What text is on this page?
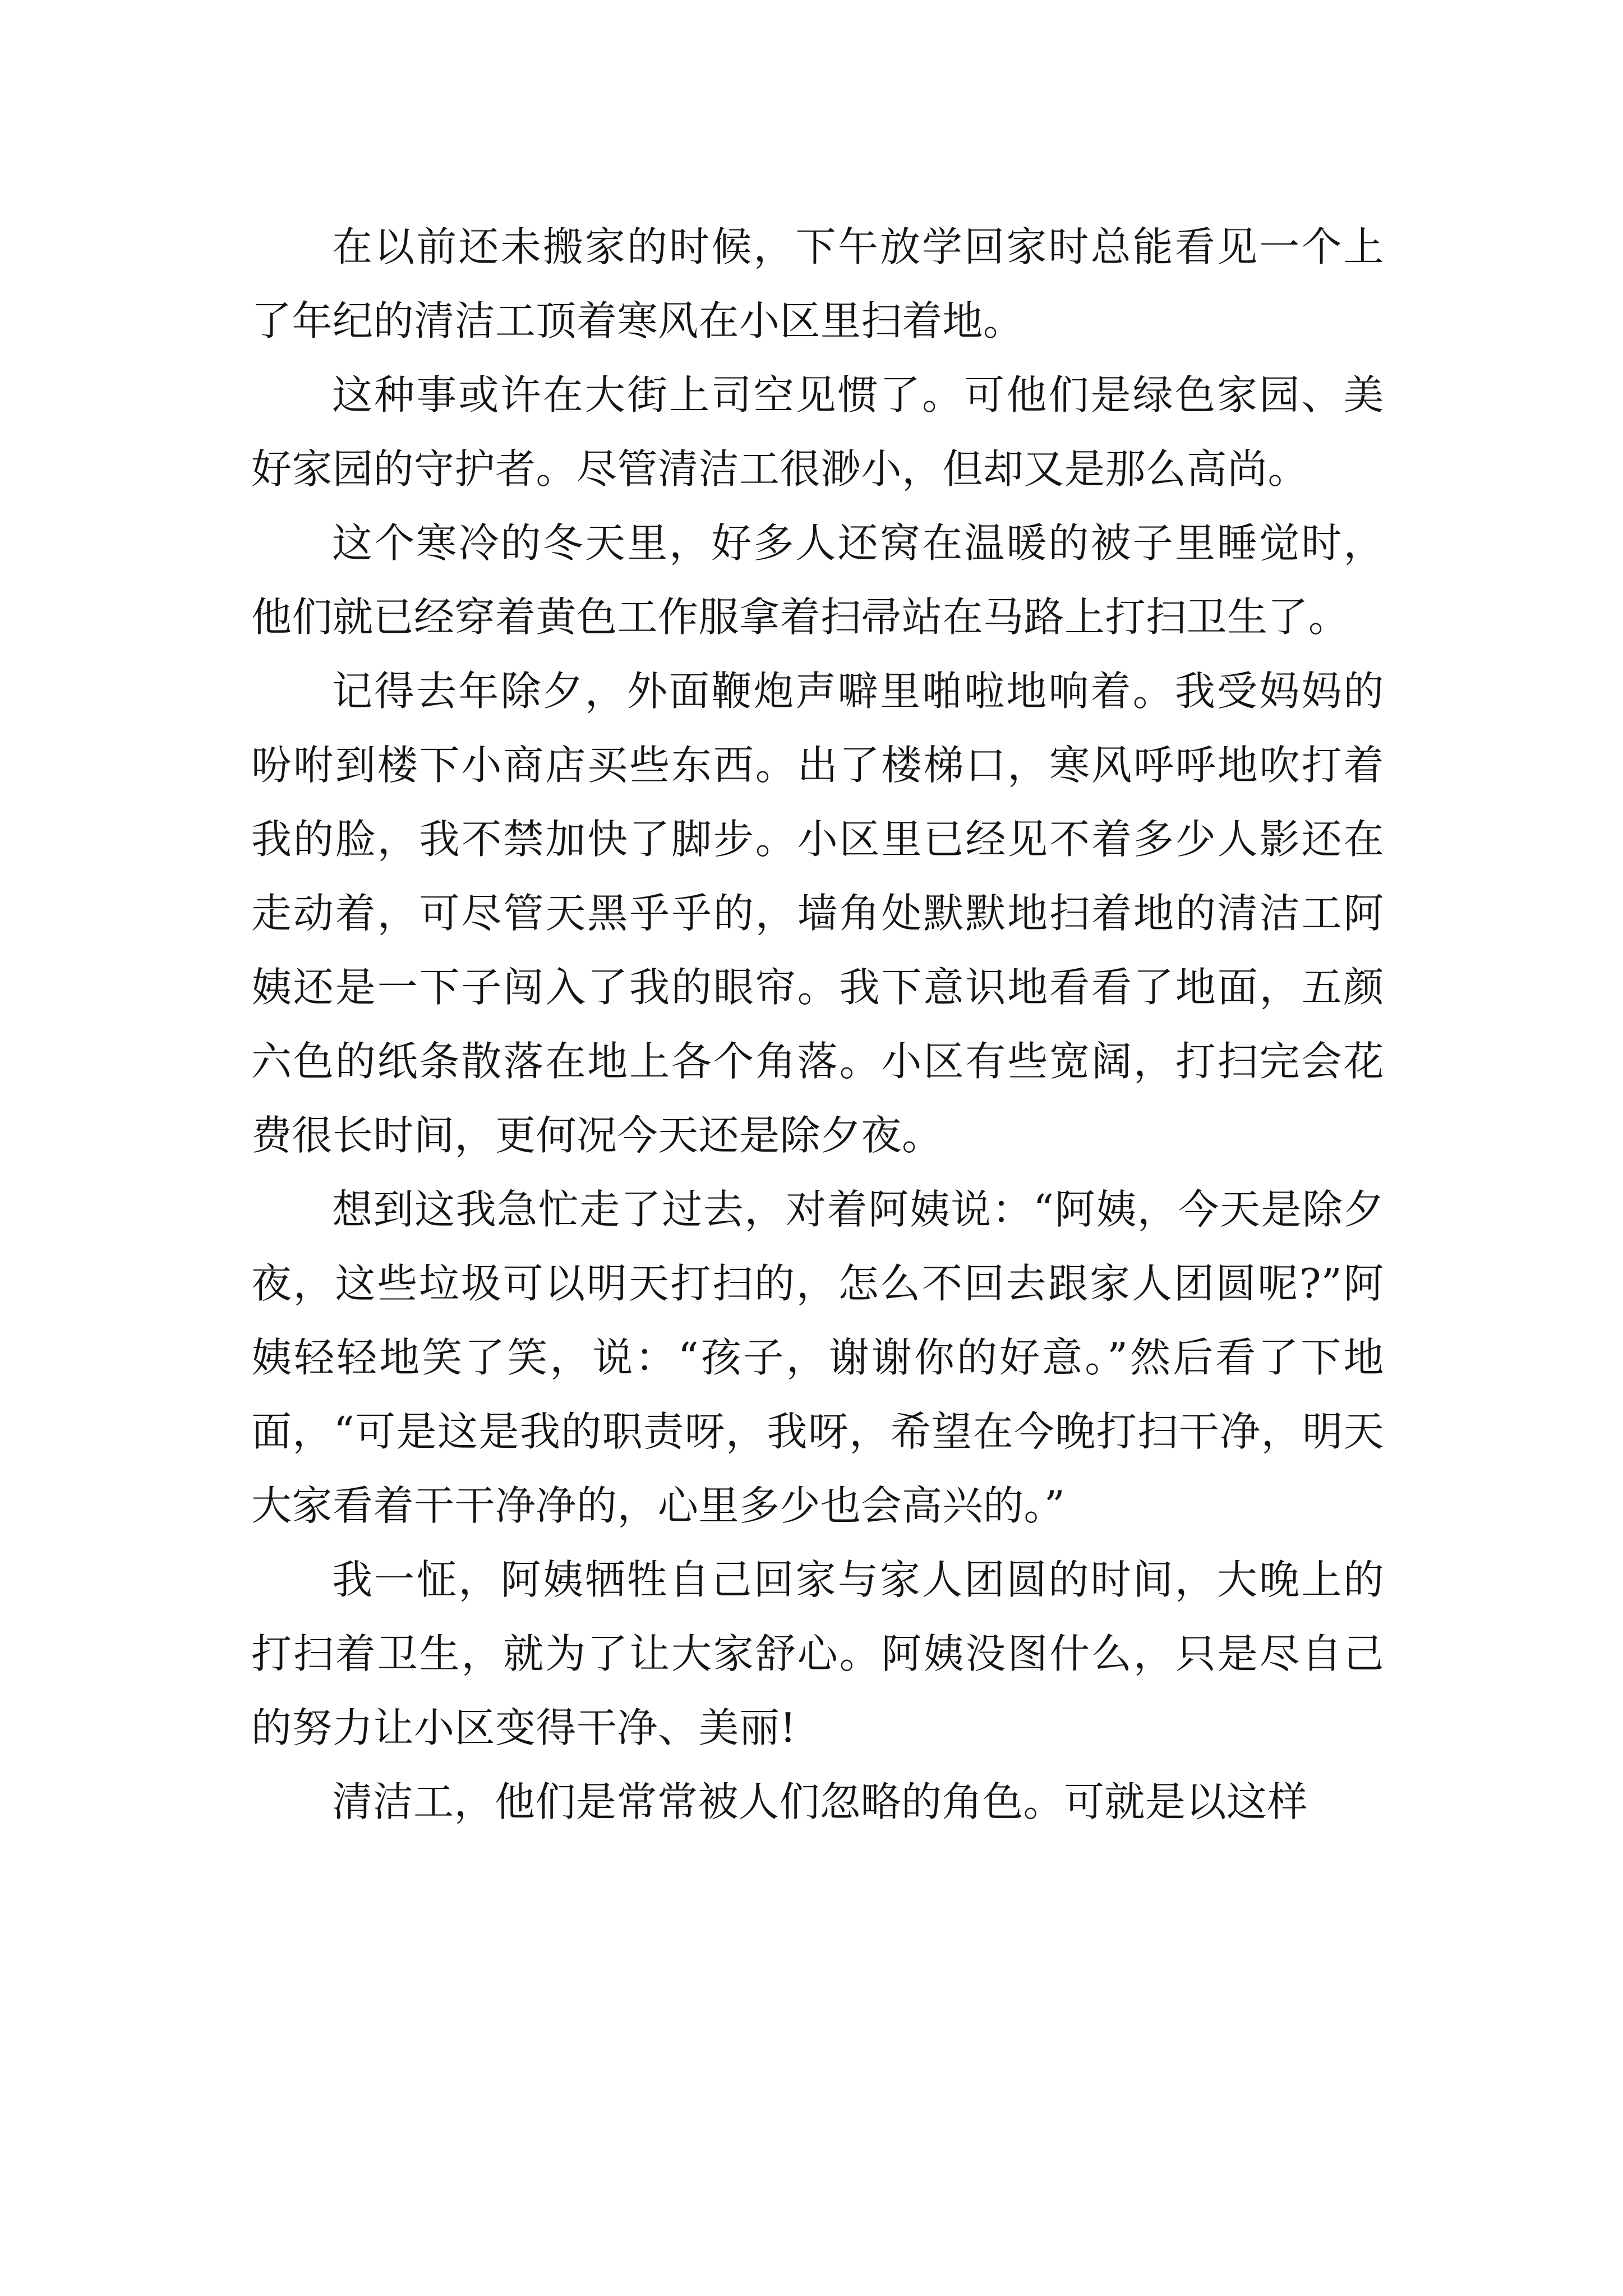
在以前还未搬家的时候，下午放学回家时总能看见一个上了年纪的清洁工顶着寒风在小区里扫着地。

这种事或许在大街上司空见惯了。可他们是绿色家园、美好家园的守护者。尽管清洁工很渺小，但却又是那么高尚。

这个寒冷的冬天里，好多人还窝在温暖的被子里睡觉时，他们就已经穿着黄色工作服拿着扫帚站在马路上打扫卫生了。

记得去年除夕，外面鞭炮声噼里啪啦地响着。我受妈妈的吩咐到楼下小商店买些东西。出了楼梯口，寒风呼呼地吹打着我的脸，我不禁加快了脚步。小区里已经见不着多少人影还在走动着，可尽管天黑乎乎的，墙角处默默地扫着地的清洁工阿姨还是一下子闯入了我的眼帘。我下意识地看看了地面，五颜六色的纸条散落在地上各个角落。小区有些宽阔，打扫完会花费很长时间，更何况今天还是除夕夜。

想到这我急忙走了过去，对着阿姨说：“阿姨，今天是除夕夜，这些垃圾可以明天打扫的，怎么不回去跟家人团圆呢?”阿姨轻轻地笑了笑，说：“孩子，谢谢你的好意。”然后看了下地面，“可是这是我的职责呀，我呀，希望在今晚打扫干净，明天大家看着干干净净的，心里多少也会高兴的。”

我一怔，阿姨牺牲自己回家与家人团圆的时间，大晚上的打扫着卫生，就为了让大家舒心。阿姨没图什么，只是尽自己的努力让小区变得干净、美丽!

清洁工，他们是常常被人们忽略的角色。可就是以这样
